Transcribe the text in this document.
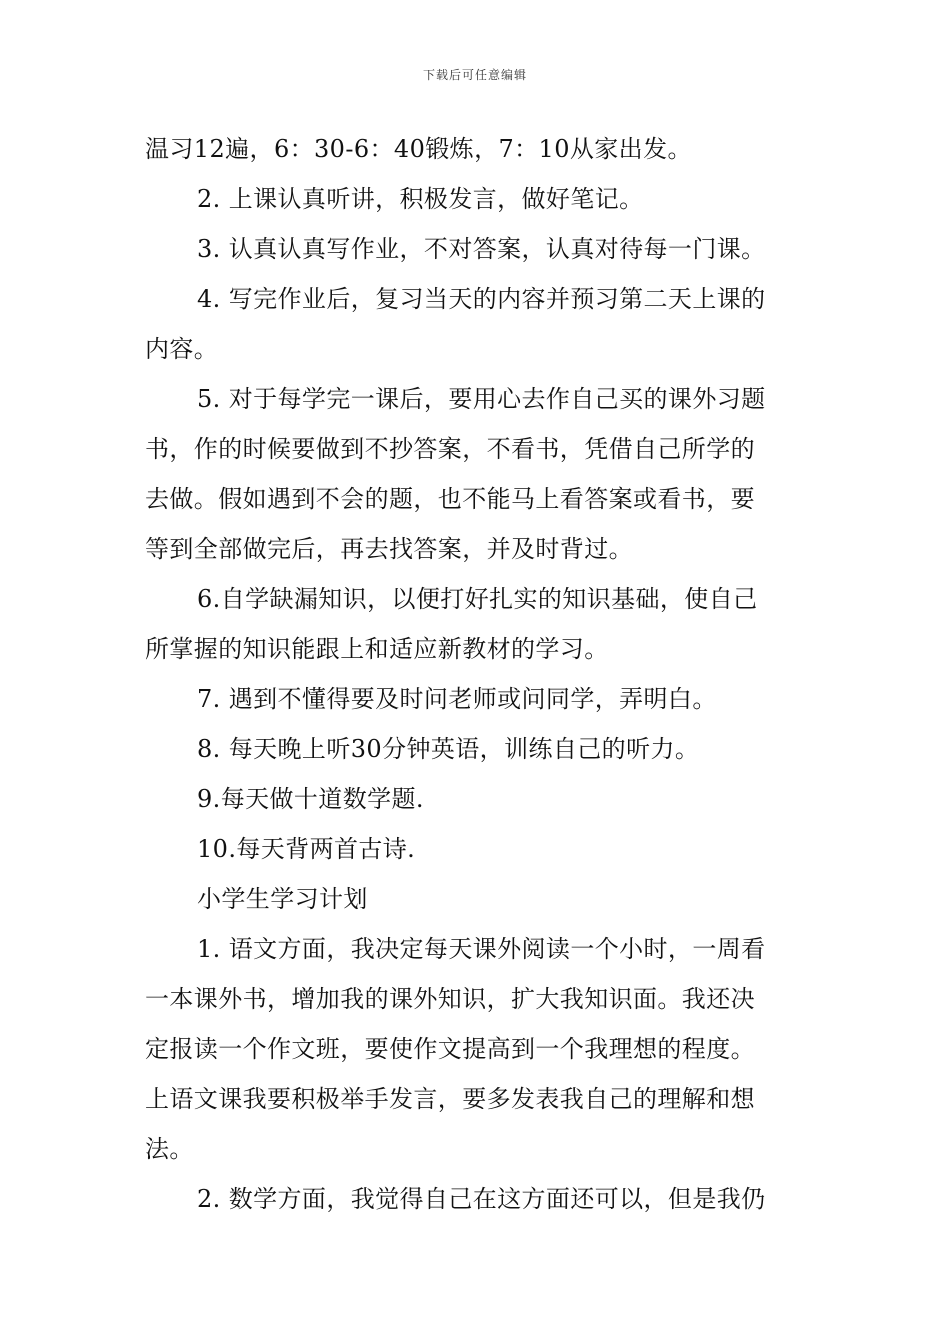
下载后可任意编辑
温习12遍，6：30-6：40锻炼，7：10从家出发。
2. 上课认真听讲，积极发言，做好笔记。
3. 认真认真写作业，不对答案，认真对待每一门课。
4. 写完作业后，复习当天的内容并预习第二天上课的
内容。
5. 对于每学完一课后，要用心去作自己买的课外习题
书，作的时候要做到不抄答案，不看书，凭借自己所学的
去做。假如遇到不会的题，也不能马上看答案或看书，要
等到全部做完后，再去找答案，并及时背过。
6.自学缺漏知识，以便打好扎实的知识基础，使自己
所掌握的知识能跟上和适应新教材的学习。
7. 遇到不懂得要及时问老师或问同学，弄明白。
8. 每天晚上听30分钟英语，训练自己的听力。
9.每天做十道数学题.
10.每天背两首古诗.
小学生学习计划
1. 语文方面，我决定每天课外阅读一个小时，一周看
一本课外书，增加我的课外知识，扩大我知识面。我还决
定报读一个作文班，要使作文提高到一个我理想的程度。
上语文课我要积极举手发言，要多发表我自己的理解和想
法。
2. 数学方面，我觉得自己在这方面还可以，但是我仍
